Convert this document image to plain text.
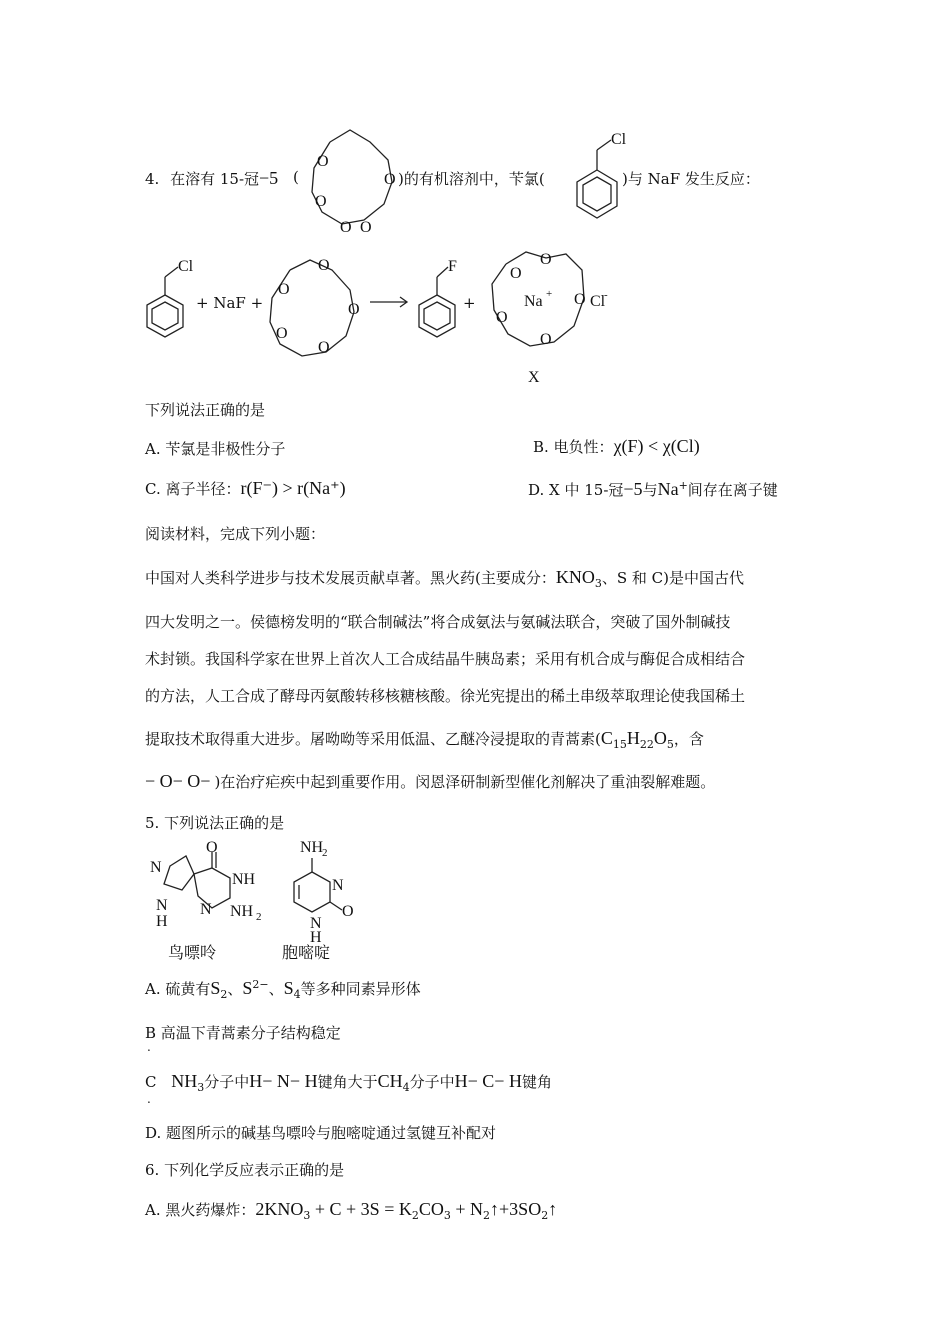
4. 在溶有 15-冠−5 (	)的有机溶剂中，苄氯(	)与 NaF 发生反应：
O
O
O
O O
Cl
Cl
+ NaF +
O
O
O
O
O
F
+
O
O
O
O
O
Na + Cl
-
X
下列说法正确的是
A. 苄氯是非极性分子	B. 电负性：χ(F) < χ(Cl)
C. 离子半径：r(F⁻) > r(Na⁺)	D. X 中 15-冠−5与Na+间存在离子键
阅读材料，完成下列小题：
中国对人类科学进步与技术发展贡献卓著。黑火药(主要成分：$KNO_3$、S 和 C)是中国古代
四大发明之一。侯德榜发明的“联合制碱法”将合成氨法与氨碱法联合，突破了国外制碱技
术封锁。我国科学家在世界上首次人工合成结晶牛胰岛素；采用有机合成与酶促合成相结合
的方法，人工合成了酵母丙氨酸转移核糖核酸。徐光宪提出的稀土串级萃取理论使我国稀土
提取技术取得重大进步。屠呦呦等采用低温、乙醚冷浸提取的青蒿素($C_{15}H_{22}O_5$，含
− O− O− )在治疗疟疾中起到重要作用。闵恩泽研制新型催化剂解决了重油裂解难题。
5. 下列说法正确的是
O
N
N
H
NH
N NH 2
鸟嘌呤
NH
2
N
N
H
O
胞嘧啶
A. 硫黄有$S_2$、$S^{2-}$、$S_4$等多种同素异形体
B 高温下青蒿素分子结构稳定
.
C $NH_3$分子中H− N− H键角大于$CH_4$分子中H− C− H键角
.
D. 题图所示的碱基鸟嘌呤与胞嘧啶通过氢键互补配对
6. 下列化学反应表示正确的是
A. 黑火药爆炸：$2KNO_3 + C + 3S = K_2CO_3$ + $N_2↑+3SO_2↑$
